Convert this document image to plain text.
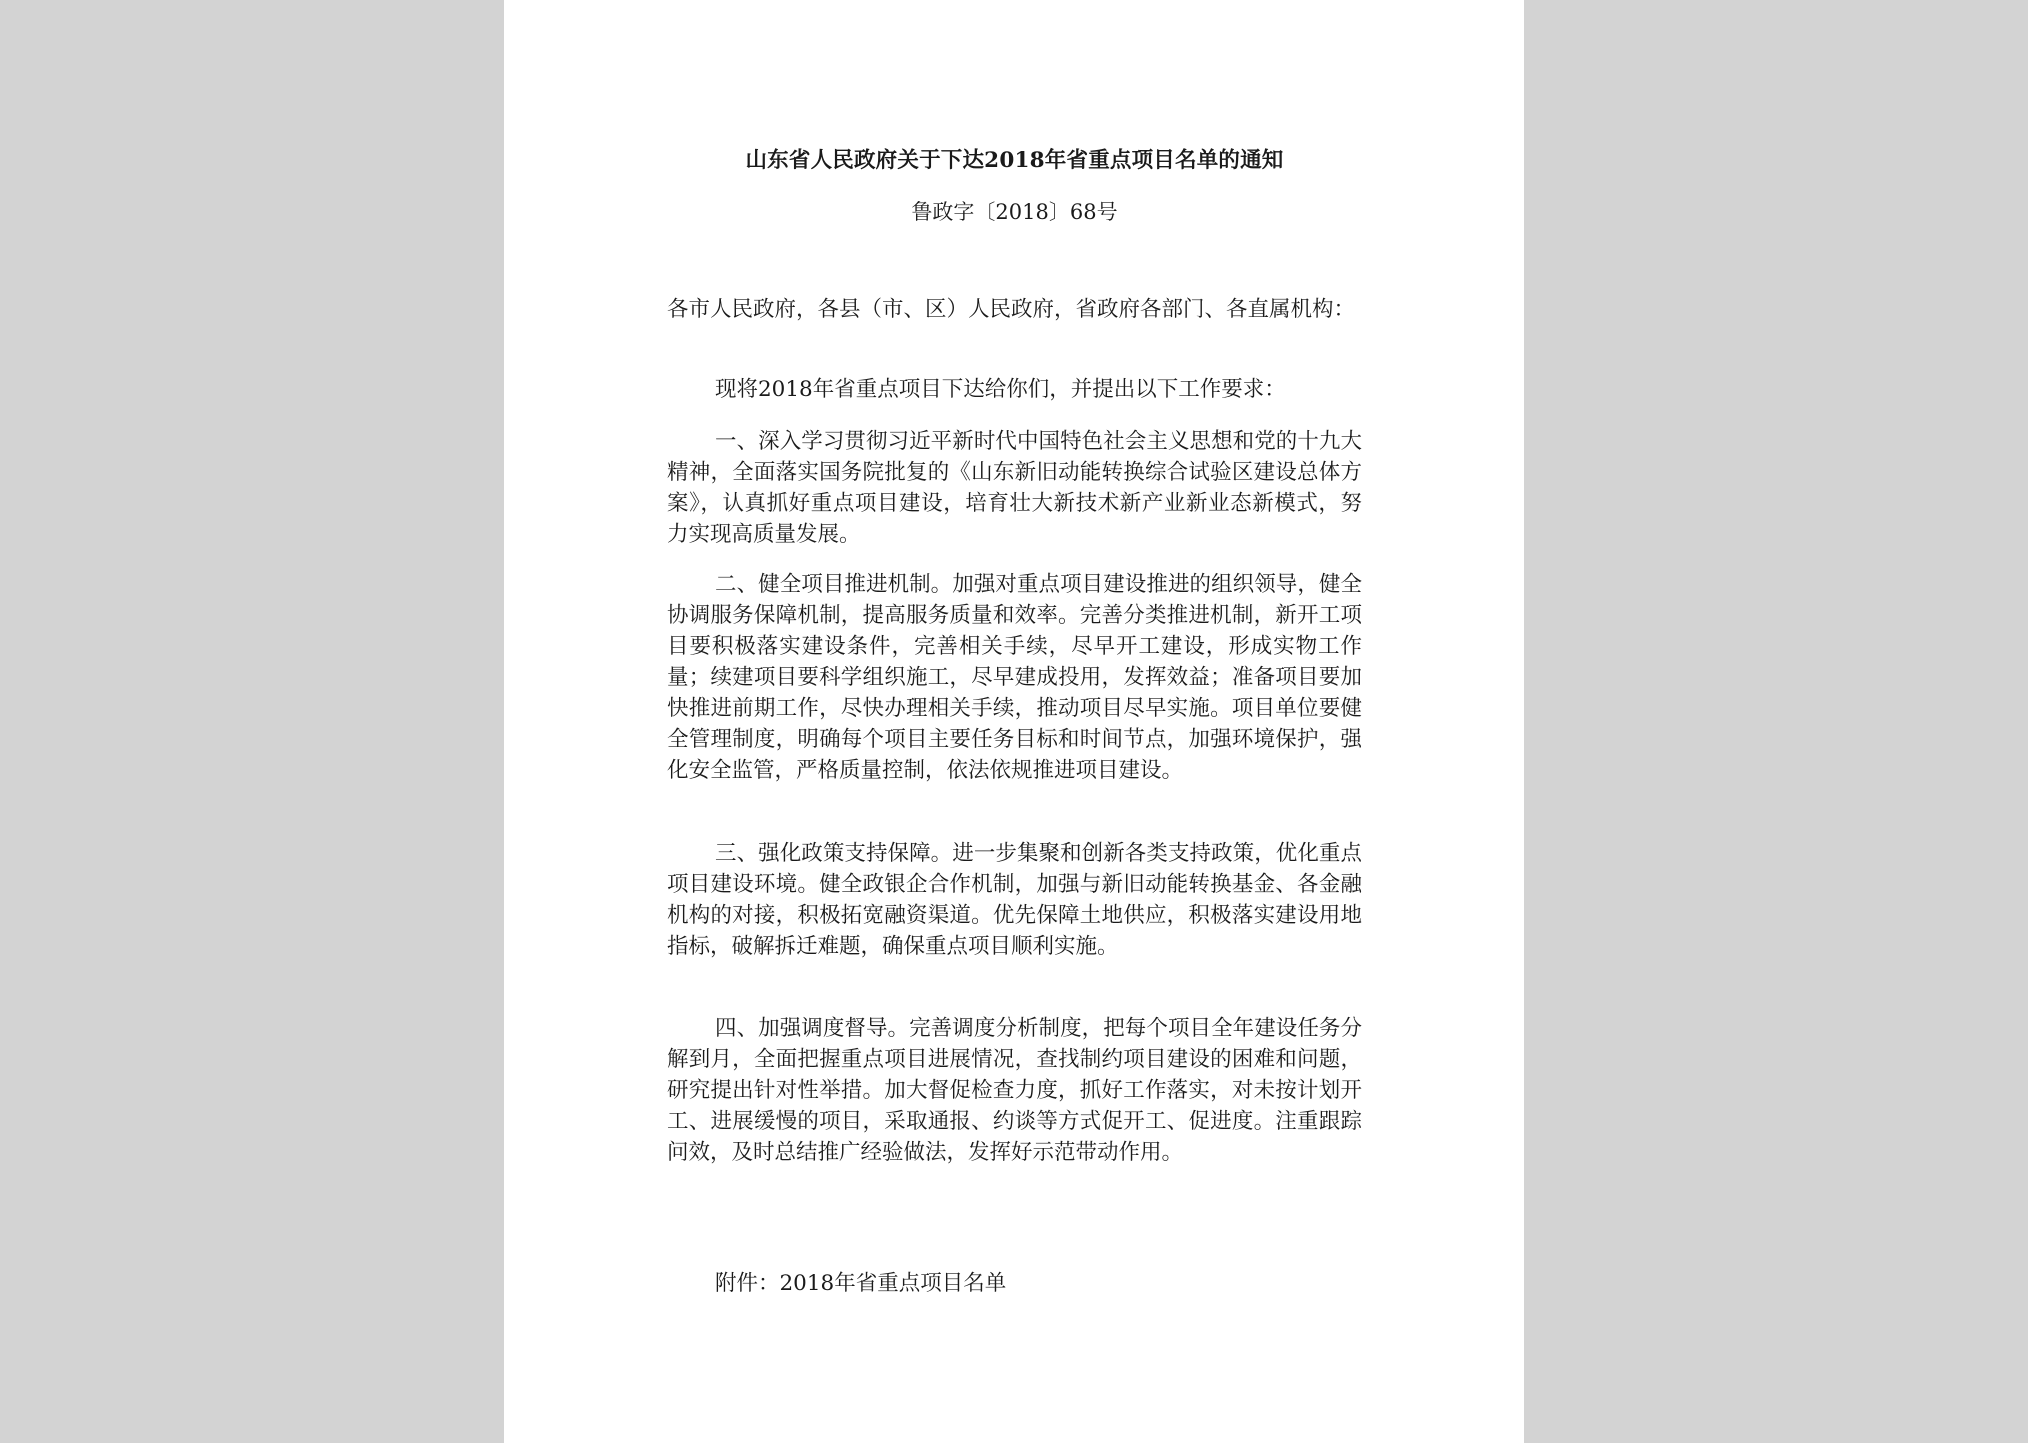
山东省人民政府关于下达2018年省重点项目名单的通知
鲁政字〔2018〕68号

各市人民政府，各县（市、区）人民政府，省政府各部门、各直属机构：

现将2018年省重点项目下达给你们，并提出以下工作要求：

一、深入学习贯彻习近平新时代中国特色社会主义思想和党的十九大精神，全面落实国务院批复的《山东新旧动能转换综合试验区建设总体方案》，认真抓好重点项目建设，培育壮大新技术新产业新业态新模式，努力实现高质量发展。

二、健全项目推进机制。加强对重点项目建设推进的组织领导，健全协调服务保障机制，提高服务质量和效率。完善分类推进机制，新开工项目要积极落实建设条件，完善相关手续，尽早开工建设，形成实物工作量；续建项目要科学组织施工，尽早建成投用，发挥效益；准备项目要加快推进前期工作，尽快办理相关手续，推动项目尽早实施。项目单位要健全管理制度，明确每个项目主要任务目标和时间节点，加强环境保护，强化安全监管，严格质量控制，依法依规推进项目建设。

三、强化政策支持保障。进一步集聚和创新各类支持政策，优化重点项目建设环境。健全政银企合作机制，加强与新旧动能转换基金、各金融机构的对接，积极拓宽融资渠道。优先保障土地供应，积极落实建设用地指标，破解拆迁难题，确保重点项目顺利实施。

四、加强调度督导。完善调度分析制度，把每个项目全年建设任务分解到月，全面把握重点项目进展情况，查找制约项目建设的困难和问题，研究提出针对性举措。加大督促检查力度，抓好工作落实，对未按计划开工、进展缓慢的项目，采取通报、约谈等方式促开工、促进度。注重跟踪问效，及时总结推广经验做法，发挥好示范带动作用。

附件：2018年省重点项目名单
